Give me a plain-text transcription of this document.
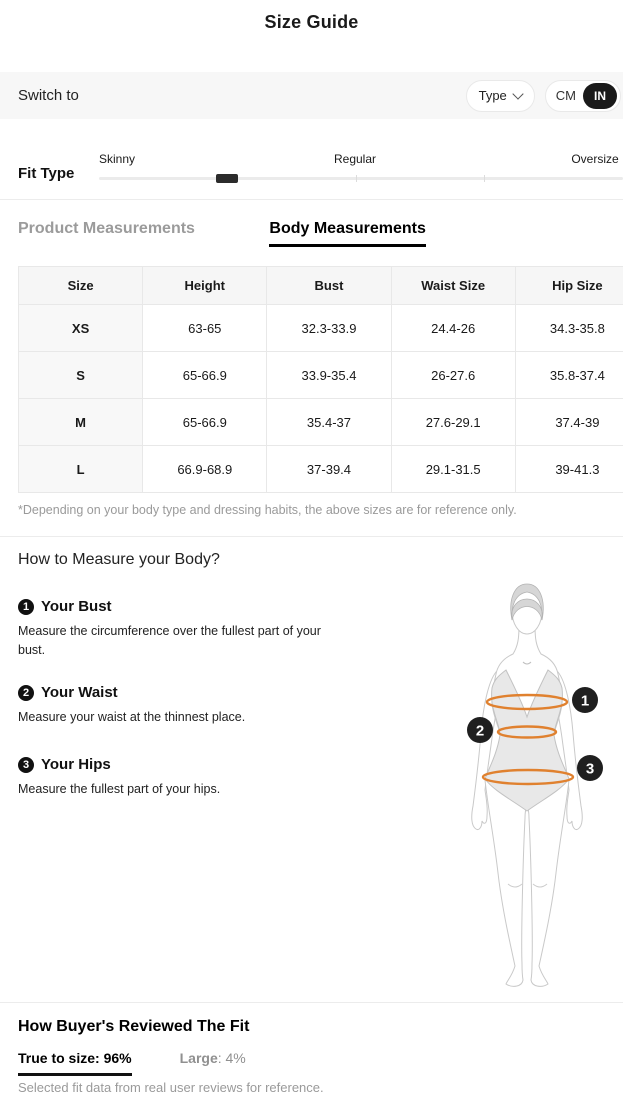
Size Guide
Switch to	Type	CM	IN
Fit Type
Skinny	Regular	Oversize
Product Measurements	Body Measurements
Size	Height	Bust	Waist Size	Hip Size
XS	63-65	32.3-33.9	24.4-26	34.3-35.8
S	65-66.9	33.9-35.4	26-27.6	35.8-37.4
M	65-66.9	35.4-37	27.6-29.1	37.4-39
L	66.9-68.9	37-39.4	29.1-31.5	39-41.3
*Depending on your body type and dressing habits, the above sizes are for reference only.
How to Measure your Body?
1 Your Bust
Measure the circumference over the fullest part of your bust.
2 Your Waist
Measure your waist at the thinnest place.
3 Your Hips
Measure the fullest part of your hips.
1
2
3
How Buyer's Reviewed The Fit
True to size: 96%	Large: 4%
Selected fit data from real user reviews for reference.
